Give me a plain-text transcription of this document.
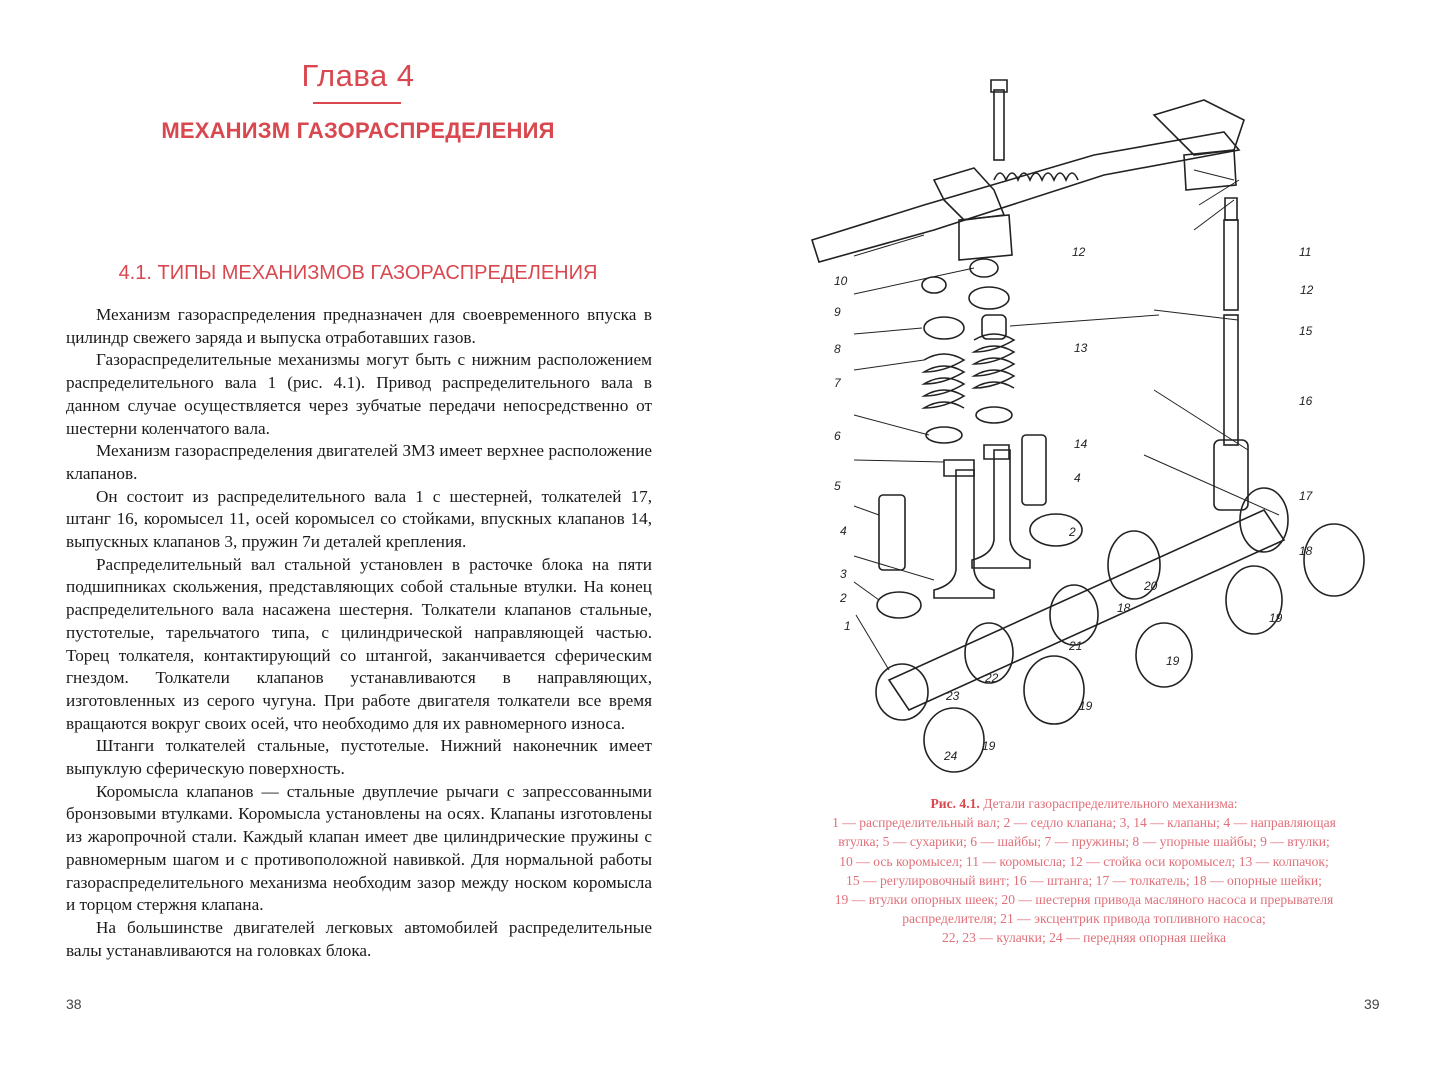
Глава 4
МЕХАНИЗМ ГАЗОРАСПРЕДЕЛЕНИЯ
4.1. ТИПЫ МЕХАНИЗМОВ ГАЗОРАСПРЕДЕЛЕНИЯ

Механизм газораспределения предназначен для своевременного впуска в цилиндр свежего заряда и выпуска отработавших газов.

Газораспределительные механизмы могут быть с нижним расположением распределительного вала 1 (рис. 4.1). Привод распределительного вала в данном случае осуществляется через зубчатые передачи непосредственно от шестерни коленчатого вала.

Механизм газораспределения двигателей ЗМЗ имеет верхнее расположение клапанов.

Он состоит из распределительного вала 1 с шестерней, толкателей 17, штанг 16, коромысел 11, осей коромысел со стойками, впускных клапанов 14, выпускных клапанов 3, пружин 7и деталей крепления.

Распределительный вал стальной установлен в расточке блока на пяти подшипниках скольжения, представляющих собой стальные втулки. На конец распределительного вала насажена шестерня. Толкатели клапанов стальные, пустотелые, тарельчатого типа, с цилиндрической направляющей частью. Торец толкателя, контактирующий со штангой, заканчивается сферическим гнездом. Толкатели клапанов устанавливаются в направляющих, изготовленных из серого чугуна. При работе двигателя толкатели все время вращаются вокруг своих осей, что необходимо для их равномерного износа.

Штанги толкателей стальные, пустотелые. Нижний наконечник имеет выпуклую сферическую поверхность.

Коромысла клапанов — стальные двуплечие рычаги с запрессованными бронзовыми втулками. Коромысла установлены на осях. Клапаны изготовлены из жаропрочной стали. Каждый клапан имеет две цилиндрические пружины с равномерным шагом и с противоположной навивкой. Для нормальной работы газораспределительного механизма необходим зазор между носком коромысла и торцом стержня клапана.

На большинстве двигателей легковых автомобилей распределительные валы устанавливаются на головках блока.

38
10
9
8
7
6
5
4
3
2
1
24
23
22
21
18
20
4
14
2
12
13
11
12
15
16
17
18
19
19
19
19
Рис. 4.1. Детали газораспределительного механизма:
1 — распределительный вал; 2 — седло клапана; 3, 14 — клапаны; 4 — направляющая
втулка; 5 — сухарики; 6 — шайбы; 7 — пружины; 8 — упорные шайбы; 9 — втулки;
10 — ось коромысел; 11 — коромысла; 12 — стойка оси коромысел; 13 — колпачок;
15 — регулировочный винт; 16 — штанга; 17 — толкатель; 18 — опорные шейки;
19 — втулки опорных шеек; 20 — шестерня привода масляного насоса и прерывателя
распределителя; 21 — эксцентрик привода топливного насоса;
22, 23 — кулачки; 24 — передняя опорная шейка
39
